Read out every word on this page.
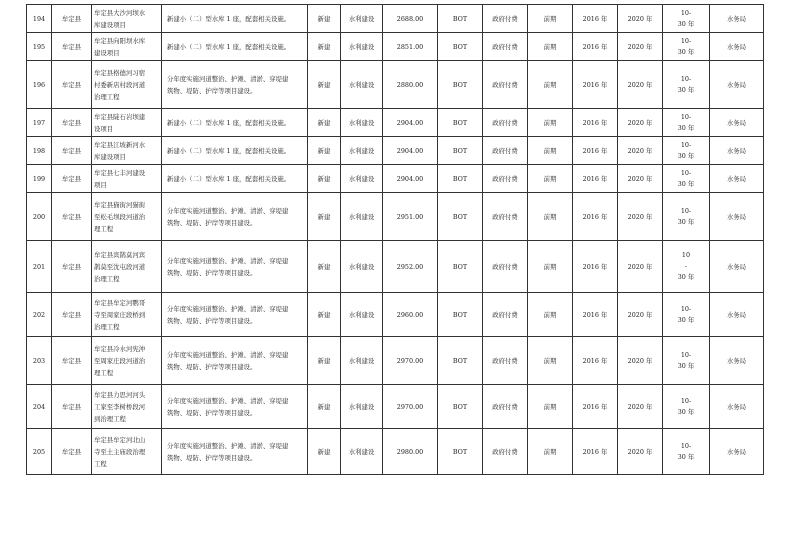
194	牟定县	牟定县大沙河坝水
库建设项目	新建小（二）型水库 1 座，配套相关设施。	新建	水利建设	2688.00	BOT	政府付费	前期	2016 年	2020 年	10-
30 年	水务局
195	牟定县	牟定县向阳坝水库
建设项目	新建小（二）型水库 1 座，配套相关设施。	新建	水利建设	2851.00	BOT	政府付费	前期	2016 年	2020 年	10-
30 年	水务局
196	牟定县	牟定县格德河习宿
村委新店村段河道
治理工程	分年度实施河道整治、护滩、清淤、穿堤建
筑物、堤防、护岸等项目建设。	新建	水利建设	2880.00	BOT	政府付费	前期	2016 年	2020 年	10-
30 年	水务局
197	牟定县	牟定县陡石岩坝建
设项目	新建小（二）型水库 1 座，配套相关设施。	新建	水利建设	2904.00	BOT	政府付费	前期	2016 年	2020 年	10-
30 年	水务局
198	牟定县	牟定县江坡新河水
库建设项目	新建小（二）型水库 1 座，配套相关设施。	新建	水利建设	2904.00	BOT	政府付费	前期	2016 年	2020 年	10-
30 年	水务局
199	牟定县	牟定县七丰河建设
项目	新建小（二）型水库 1 座，配套相关设施。	新建	水利建设	2904.00	BOT	政府付费	前期	2016 年	2020 年	10-
30 年	水务局
200	牟定县	牟定县猫街河猫街
至松毛坝段河道治
理工程	分年度实施河道整治、护滩、清淤、穿堤建
筑物、堤防、护岸等项目建设。	新建	水利建设	2951.00	BOT	政府付费	前期	2016 年	2020 年	10-
30 年	水务局
201	牟定县	牟定县宾鹊莫河宾
鹊莫至沈屯段河道
治理工程	分年度实施河道整治、护滩、清淤、穿堤建
筑物、堤防、护岸等项目建设。	新建	水利建设	2952.00	BOT	政府付费	前期	2016 年	2020 年	10
-
30 年	水务局
202	牟定县	牟定县牟定河鹦哥
寺至周家庄段桥到
治理工程	分年度实施河道整治、护滩、清淤、穿堤建
筑物、堤防、护岸等项目建设。	新建	水利建设	2960.00	BOT	政府付费	前期	2016 年	2020 年	10-
30 年	水务局
203	牟定县	牟定县冷水河宪沖
至周家庄段河道治
理工程	分年度实施河道整治、护滩、清淤、穿堤建
筑物、堤防、护岸等项目建设。	新建	水利建设	2970.00	BOT	政府付费	前期	2016 年	2020 年	10-
30 年	水务局
204	牟定县	牟定县力思河河头
工家至李树桥段河
到治理工程	分年度实施河道整治、护滩、清淤、穿堤建
筑物、堤防、护岸等项目建设。	新建	水利建设	2970.00	BOT	政府付费	前期	2016 年	2020 年	10-
30 年	水务局
205	牟定县	牟定县牟定河北山
寺至土主庙段治理
工程	分年度实施河道整治、护滩、清淤、穿堤建
筑物、堤防、护岸等项目建设。	新建	水利建设	2980.00	BOT	政府付费	前期	2016 年	2020 年	10-
30 年	水务局
